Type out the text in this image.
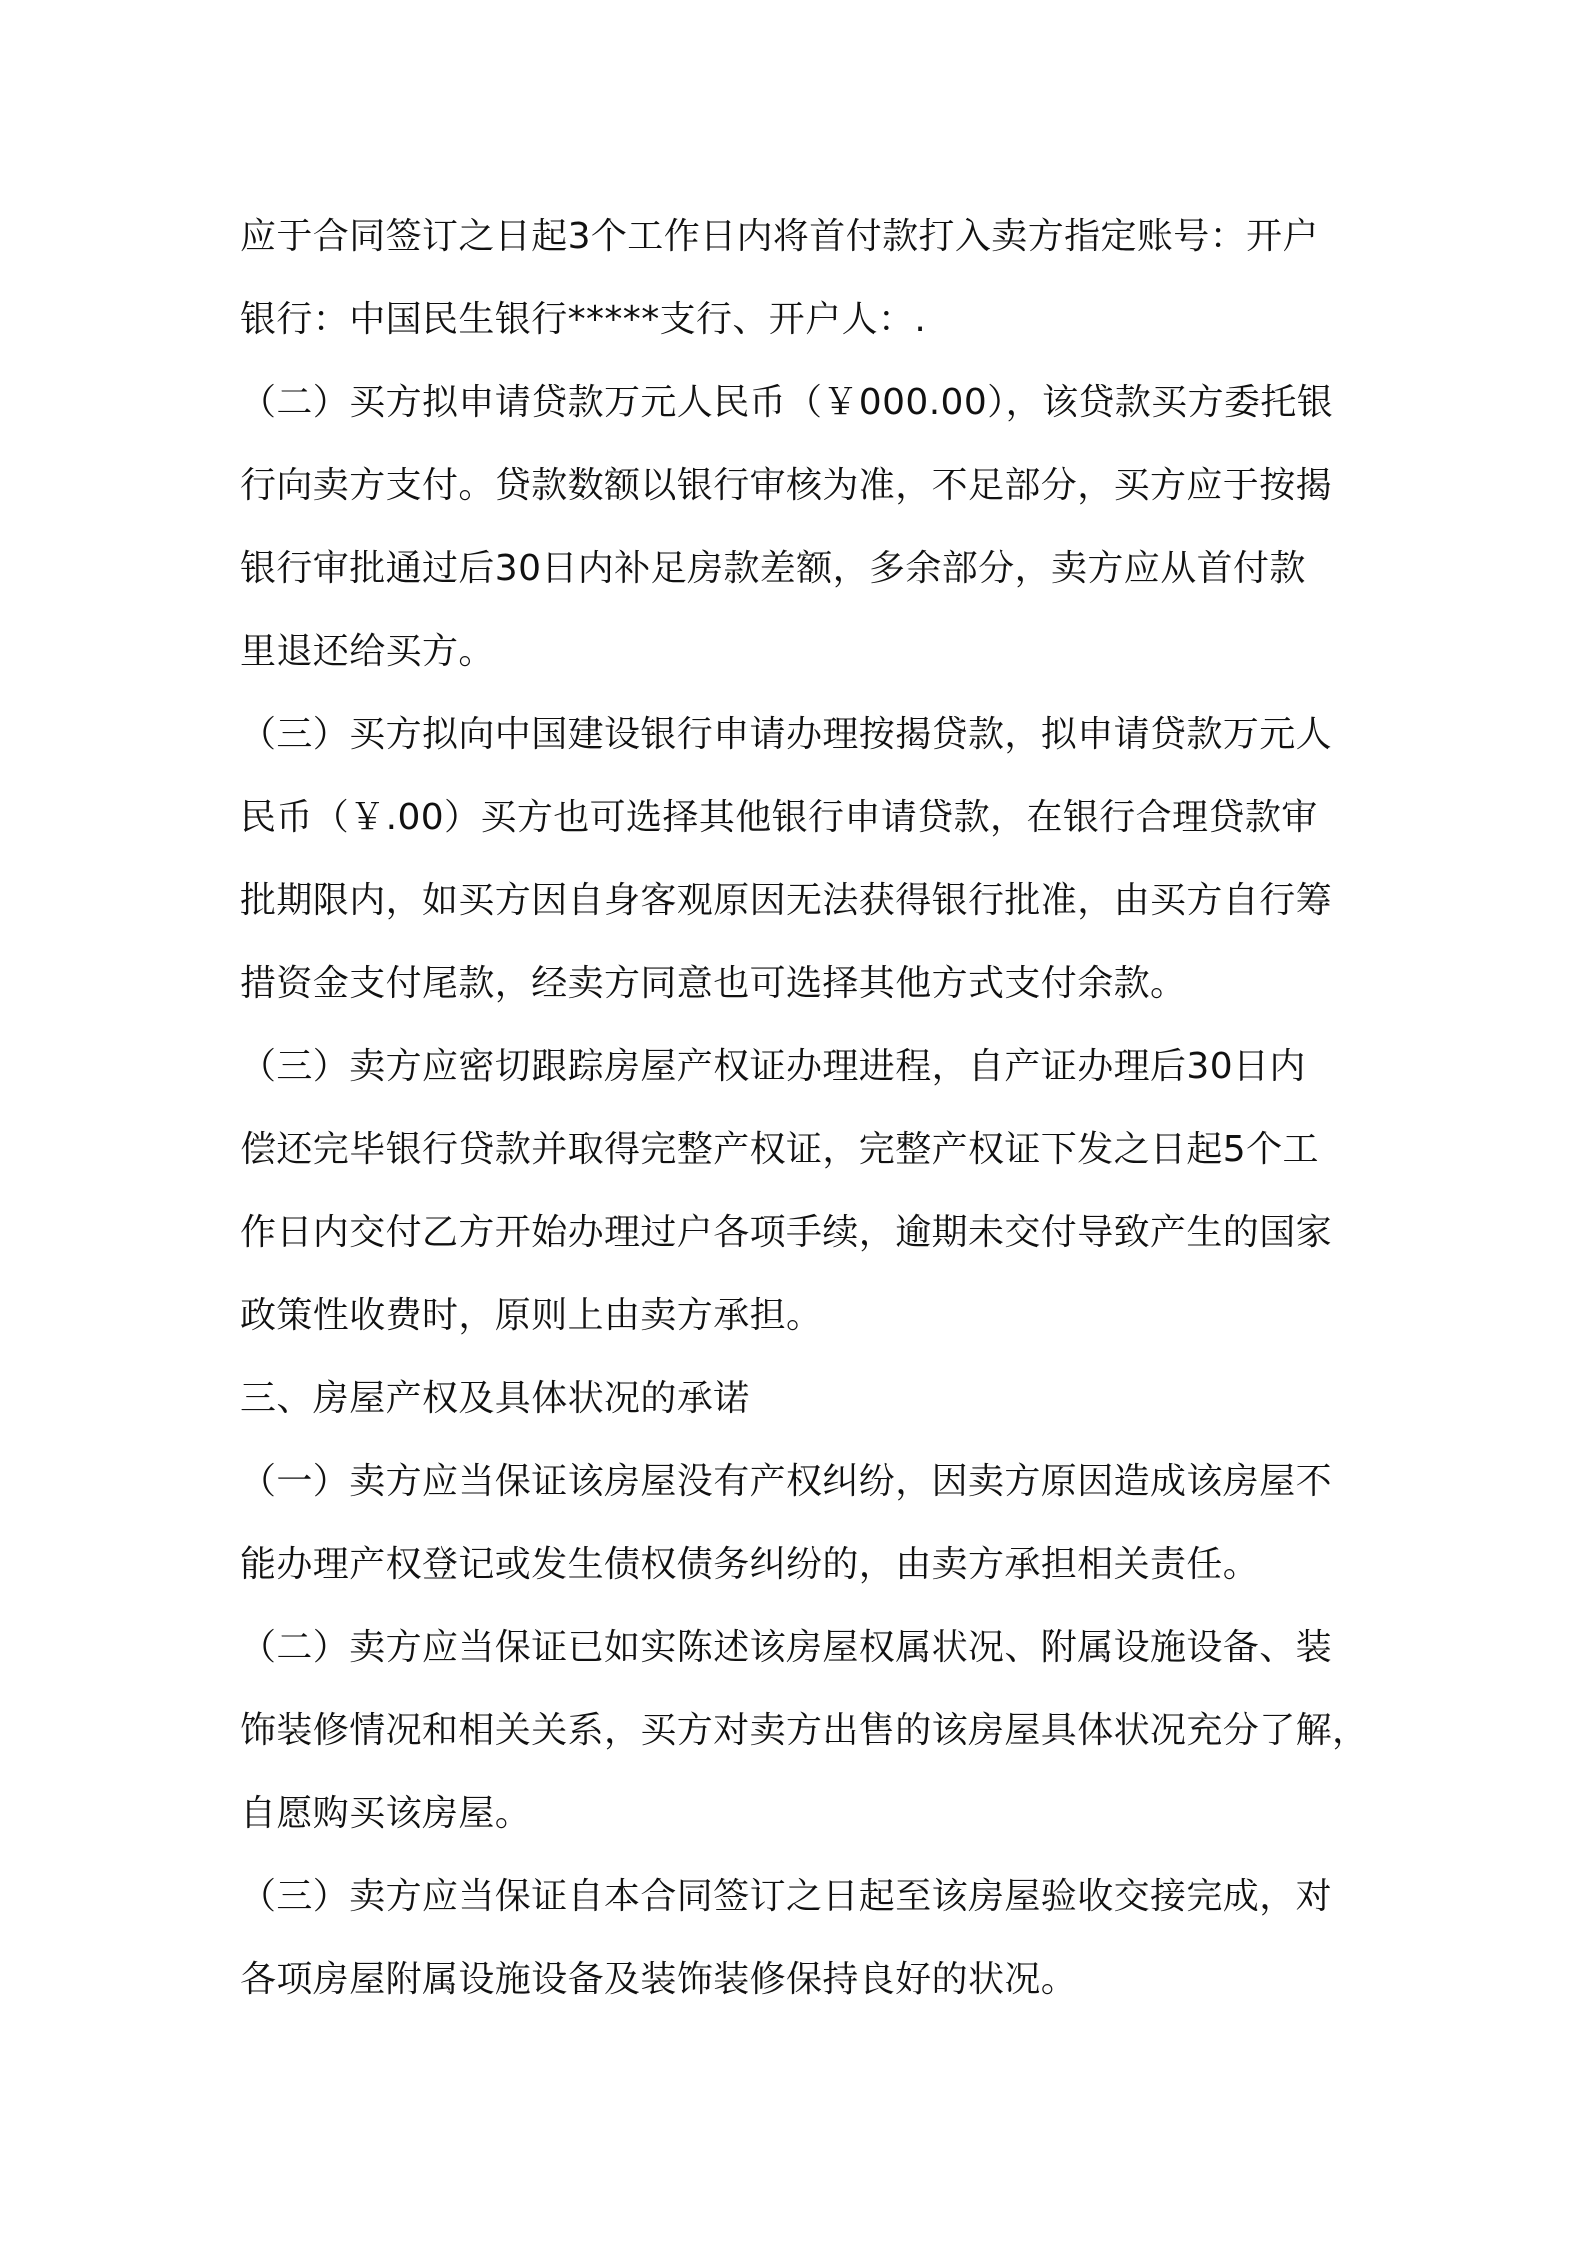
应于合同签订之日起3个工作日内将首付款打入卖方指定账号：开户
银行：中国民生银行*****支行、开户人：.
（二）买方拟申请贷款万元人民币（￥000.00），该贷款买方委托银
行向卖方支付。贷款数额以银行审核为准，不足部分，买方应于按揭
银行审批通过后30日内补足房款差额，多余部分，卖方应从首付款
里退还给买方。
（三）买方拟向中国建设银行申请办理按揭贷款，拟申请贷款万元人
民币（￥.00）买方也可选择其他银行申请贷款，在银行合理贷款审
批期限内，如买方因自身客观原因无法获得银行批准，由买方自行筹
措资金支付尾款，经卖方同意也可选择其他方式支付余款。
（三）卖方应密切跟踪房屋产权证办理进程，自产证办理后30日内
偿还完毕银行贷款并取得完整产权证，完整产权证下发之日起5个工
作日内交付乙方开始办理过户各项手续，逾期未交付导致产生的国家
政策性收费时，原则上由卖方承担。
三、房屋产权及具体状况的承诺
（一）卖方应当保证该房屋没有产权纠纷，因卖方原因造成该房屋不
能办理产权登记或发生债权债务纠纷的，由卖方承担相关责任。
（二）卖方应当保证已如实陈述该房屋权属状况、附属设施设备、装
饰装修情况和相关关系，买方对卖方出售的该房屋具体状况充分了解，
自愿购买该房屋。
（三）卖方应当保证自本合同签订之日起至该房屋验收交接完成，对
各项房屋附属设施设备及装饰装修保持良好的状况。
